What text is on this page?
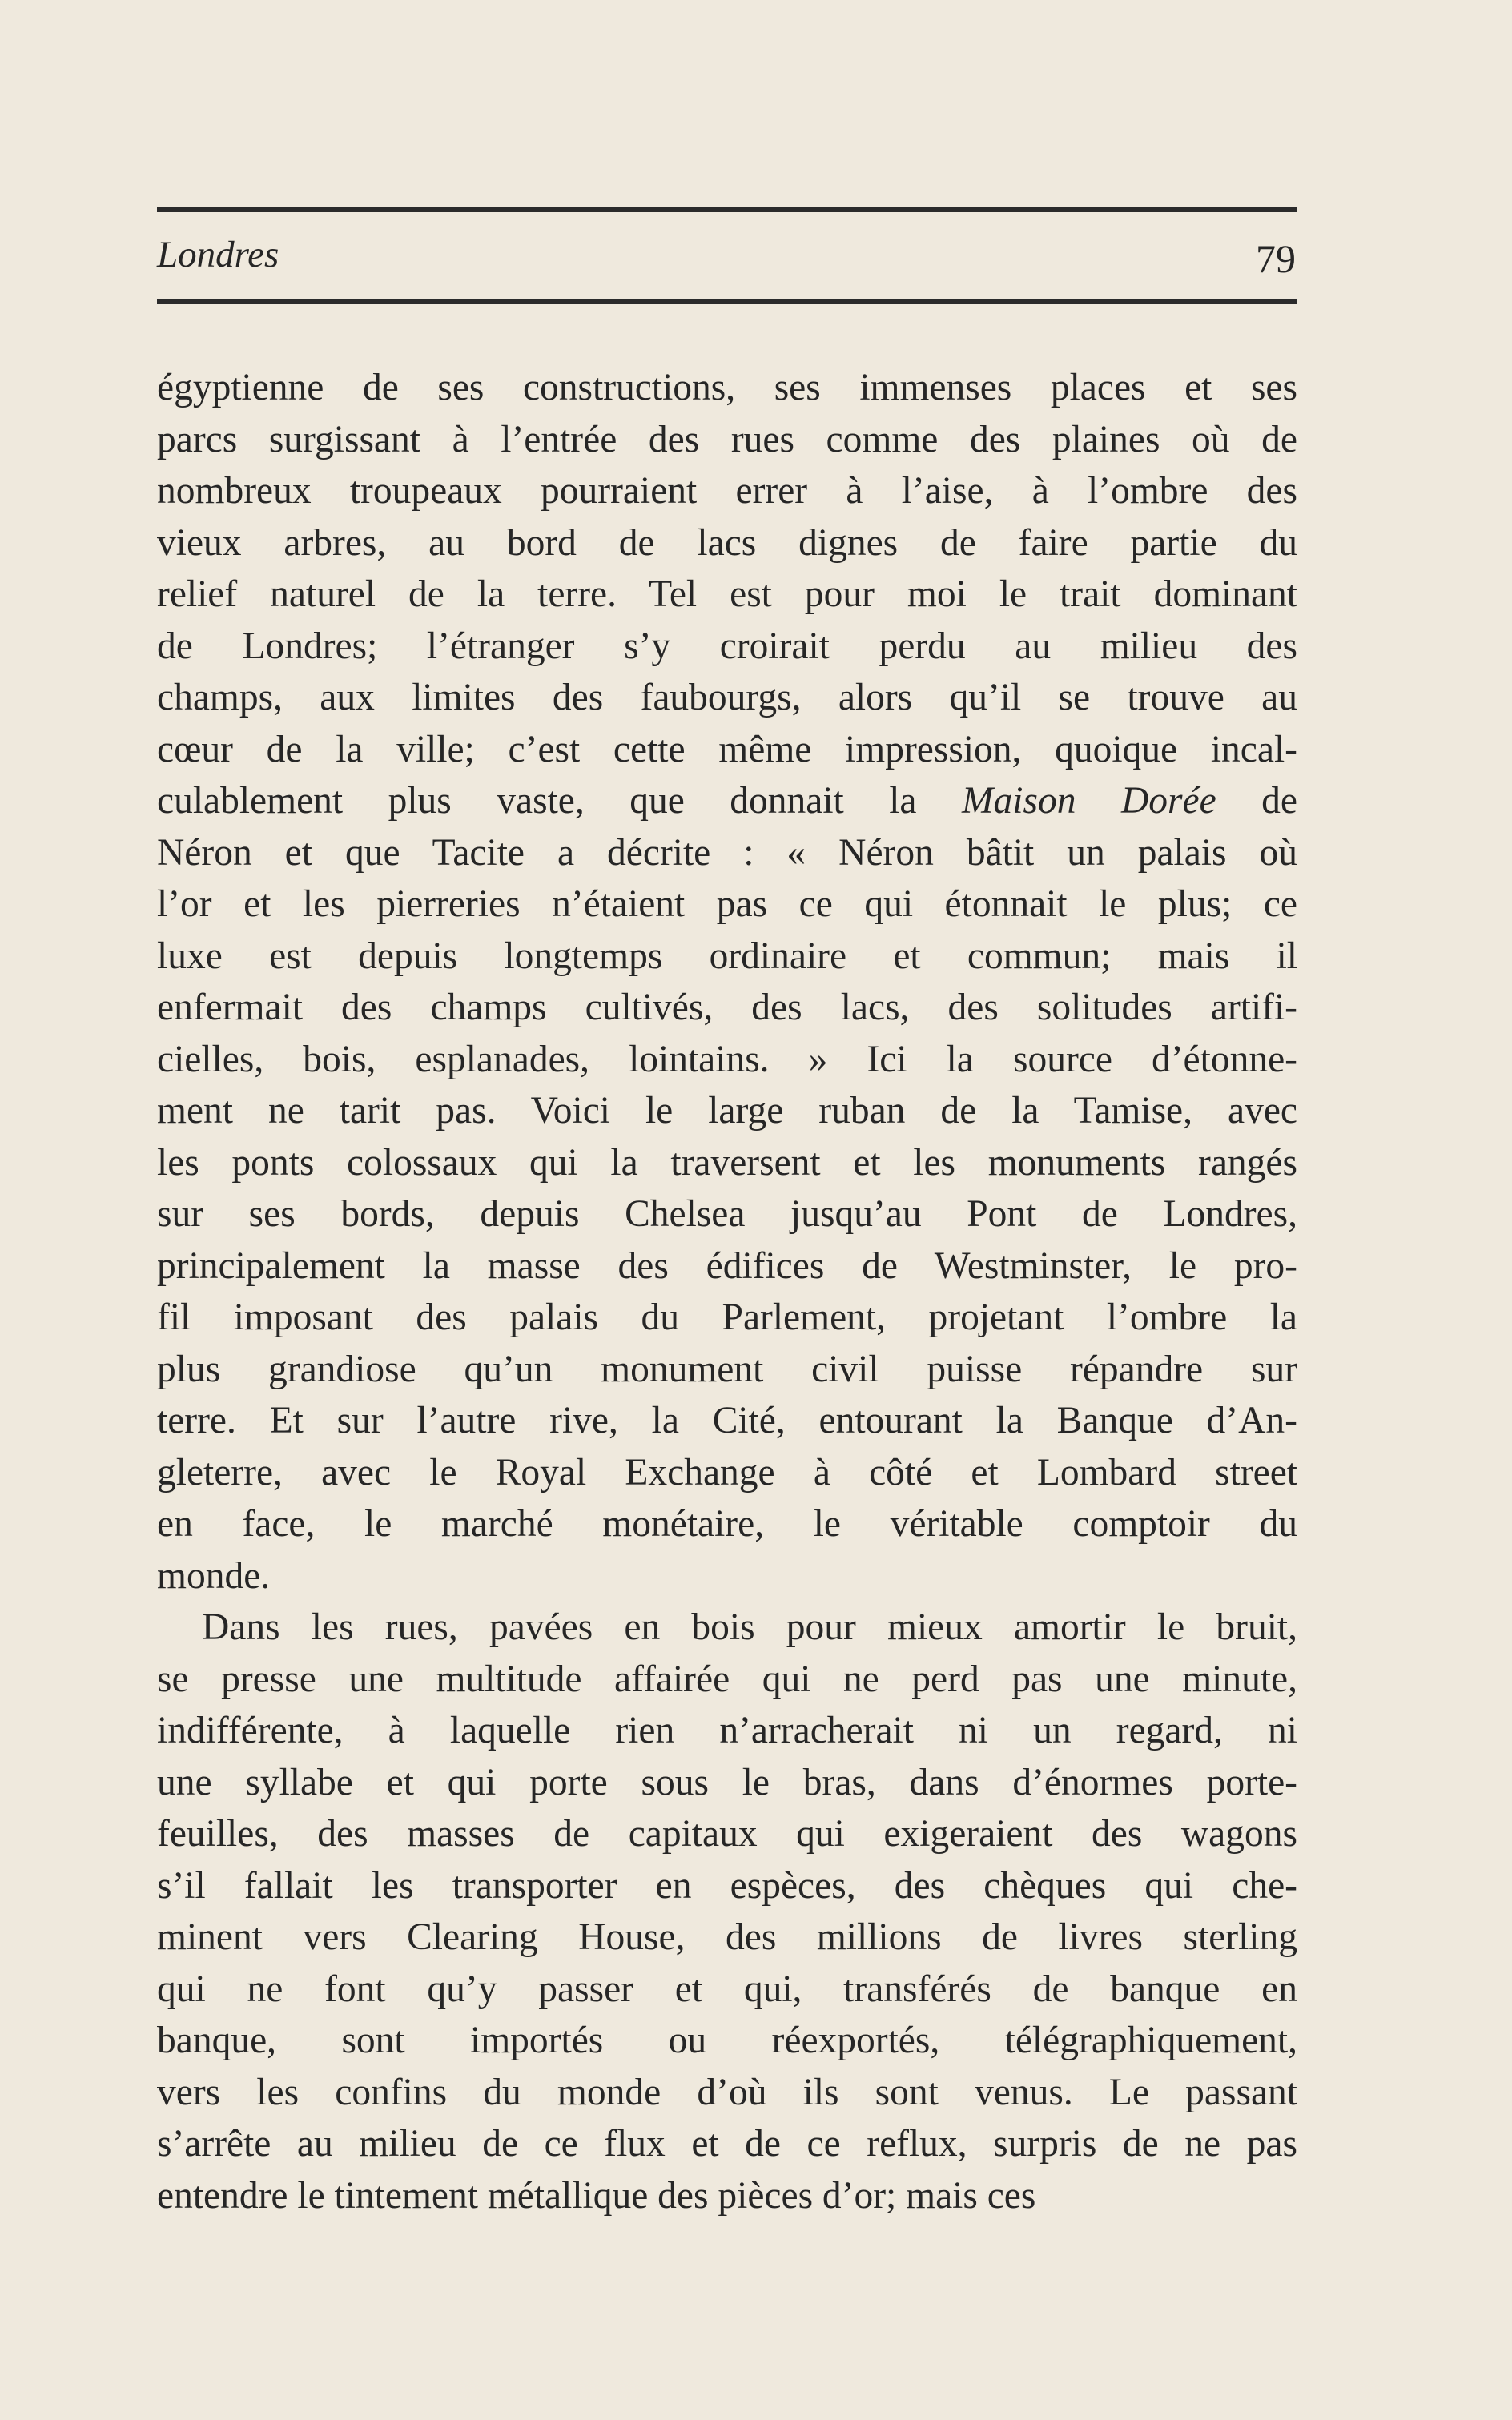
Londres	79
égyptienne de ses constructions, ses immenses places et ses
parcs surgissant à l’entrée des rues comme des plaines où de
nombreux troupeaux pourraient errer à l’aise, à l’ombre des
vieux arbres, au bord de lacs dignes de faire partie du
relief naturel de la terre. Tel est pour moi le trait dominant
de Londres; l’étranger s’y croirait perdu au milieu des
champs, aux limites des faubourgs, alors qu’il se trouve au
cœur de la ville; c’est cette même impression, quoique incal-
culablement plus vaste, que donnait la Maison Dorée de
Néron et que Tacite a décrite : « Néron bâtit un palais où
l’or et les pierreries n’étaient pas ce qui étonnait le plus; ce
luxe est depuis longtemps ordinaire et commun; mais il
enfermait des champs cultivés, des lacs, des solitudes artifi-
cielles, bois, esplanades, lointains. » Ici la source d’étonne-
ment ne tarit pas. Voici le large ruban de la Tamise, avec
les ponts colossaux qui la traversent et les monuments rangés
sur ses bords, depuis Chelsea jusqu’au Pont de Londres,
principalement la masse des édifices de Westminster, le pro-
fil imposant des palais du Parlement, projetant l’ombre la
plus grandiose qu’un monument civil puisse répandre sur
terre. Et sur l’autre rive, la Cité, entourant la Banque d’An-
gleterre, avec le Royal Exchange à côté et Lombard street
en face, le marché monétaire, le véritable comptoir du
monde.
Dans les rues, pavées en bois pour mieux amortir le bruit,
se presse une multitude affairée qui ne perd pas une minute,
indifférente, à laquelle rien n’arracherait ni un regard, ni
une syllabe et qui porte sous le bras, dans d’énormes porte-
feuilles, des masses de capitaux qui exigeraient des wagons
s’il fallait les transporter en espèces, des chèques qui che-
minent vers Clearing House, des millions de livres sterling
qui ne font qu’y passer et qui, transférés de banque en
banque, sont importés ou réexportés, télégraphiquement,
vers les confins du monde d’où ils sont venus. Le passant
s’arrête au milieu de ce flux et de ce reflux, surpris de ne pas
entendre le tintement métallique des pièces d’or; mais ces
